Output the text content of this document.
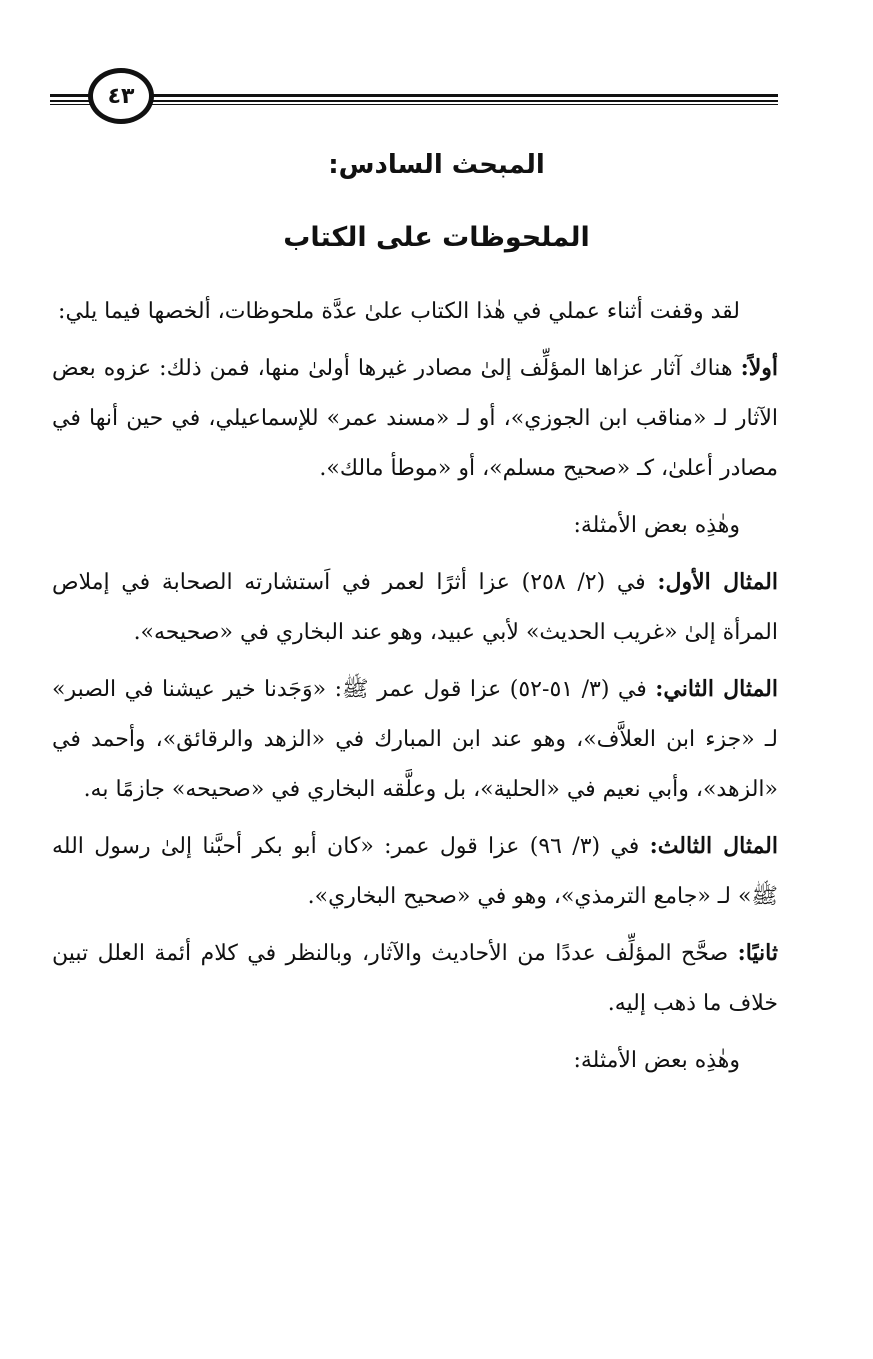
٤٣
المبحث السادس:
الملحوظات على الكتاب

لقد وقفت أثناء عملي في هٰذا الكتاب علىٰ عدَّة ملحوظات، ألخصها فيما يلي:

أولاً: هناك آثار عزاها المؤلِّف إلىٰ مصادر غيرها أولىٰ منها، فمن ذلك: عزوه بعض الآثار لـ «مناقب ابن الجوزي»، أو لـ «مسند عمر» للإسماعيلي، في حين أنها في مصادر أعلىٰ، كـ «صحيح مسلم»، أو «موطأ مالك».

وهٰذِه بعض الأمثلة:

المثال الأول: في (٢/ ٢٥٨) عزا أثرًا لعمر في اَستشارته الصحابة في إملاص المرأة إلىٰ «غريب الحديث» لأبي عبيد، وهو عند البخاري في «صحيحه».

المثال الثاني: في (٣/ ٥١-٥٢) عزا قول عمر ﷺ: «وَجَدنا خير عيشنا في الصبر» لـ «جزء ابن العلاَّف»، وهو عند ابن المبارك في «الزهد والرقائق»، وأحمد في «الزهد»، وأبي نعيم في «الحلية»، بل وعلَّقه البخاري في «صحيحه» جازمًا به.

المثال الثالث: في (٣/ ٩٦) عزا قول عمر: «كان أبو بكر أحبَّنا إلىٰ رسول الله ﷺ» لـ «جامع الترمذي»، وهو في «صحيح البخاري».

ثانيًا: صحَّح المؤلِّف عددًا من الأحاديث والآثار، وبالنظر في كلام أئمة العلل تبين خلاف ما ذهب إليه.

وهٰذِه بعض الأمثلة:
